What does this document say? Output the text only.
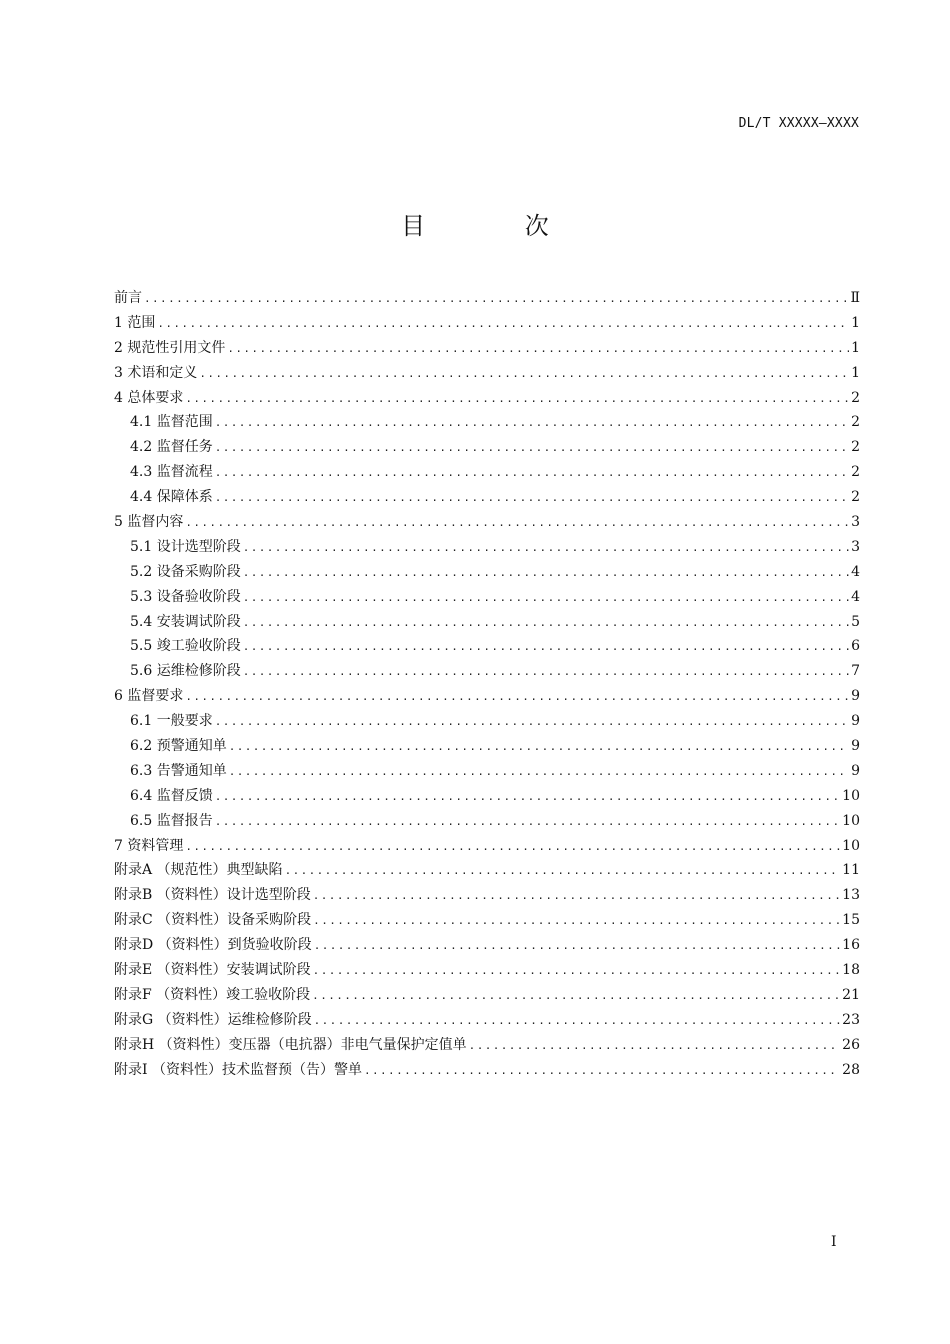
DL/T XXXXX—XXXX
目 次
前言 .....	Ⅱ
1 范围 .....	1
2 规范性引用文件 .....	1
3 术语和定义 .....	1
4 总体要求 .....	2
4.1 监督范围 .....	2
4.2 监督任务 .....	2
4.3 监督流程 .....	2
4.4 保障体系 .....	2
5 监督内容 .....	3
5.1 设计选型阶段 .....	3
5.2 设备采购阶段 .....	4
5.3 设备验收阶段 .....	4
5.4 安装调试阶段 .....	5
5.5 竣工验收阶段 .....	6
5.6 运维检修阶段 .....	7
6 监督要求 .....	9
6.1 一般要求 .....	9
6.2 预警通知单 .....	9
6.3 告警通知单 .....	9
6.4 监督反馈 .....	10
6.5 监督报告 .....	10
7 资料管理 .....	10
附录A （规范性）典型缺陷 .....	11
附录B （资料性）设计选型阶段 .....	13
附录C （资料性）设备采购阶段 .....	15
附录D （资料性）到货验收阶段 .....	16
附录E （资料性）安装调试阶段 .....	18
附录F （资料性）竣工验收阶段 .....	21
附录G （资料性）运维检修阶段 .....	23
附录H （资料性）变压器（电抗器）非电气量保护定值单 .....	26
附录I （资料性）技术监督预（告）警单 .....	28
I
